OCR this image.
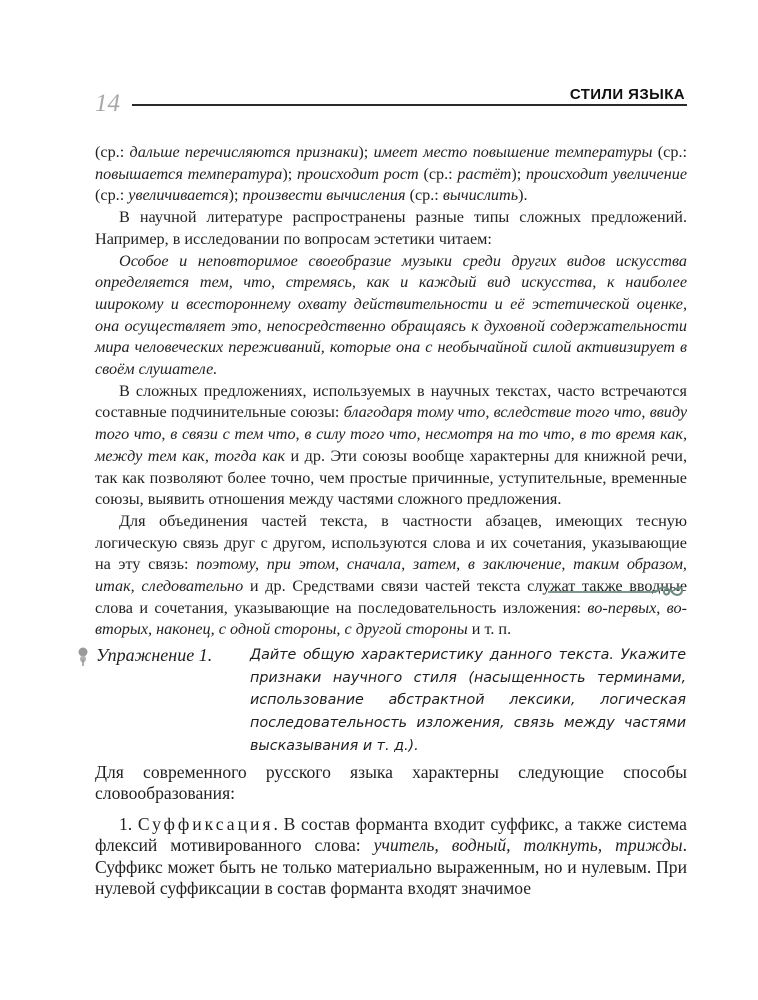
14	СТИЛИ ЯЗЫКА

(ср.: дальше перечисляются признаки); имеет место повышение температуры (ср.: повышается температура); происходит рост (ср.: растёт); происходит увеличение (ср.: увеличивается); произвести вычисления (ср.: вычислить).

В научной литературе распространены разные типы сложных предложений. Например, в исследовании по вопросам эстетики читаем:

Особое и неповторимое своеобразие музыки среди других видов искусства определяется тем, что, стремясь, как и каждый вид искусства, к наиболее широкому и всестороннему охвату действительности и её эстетической оценке, она осуществляет это, непосредственно обращаясь к духовной содержательности мира человеческих переживаний, которые она с необычайной силой активизирует в своём слушателе.

В сложных предложениях, используемых в научных текстах, часто встречаются составные подчинительные союзы: благодаря тому что, вследствие того что, ввиду того что, в связи с тем что, в силу того что, несмотря на то что, в то время как, между тем как, тогда как и др. Эти союзы вообще характерны для книжной речи, так как позволяют более точно, чем простые причинные, уступительные, временные союзы, выявить отношения между частями сложного предложения.

Для объединения частей текста, в частности абзацев, имеющих тесную логическую связь друг с другом, используются слова и их сочетания, указывающие на эту связь: поэтому, при этом, сначала, затем, в заключение, таким образом, итак, следовательно и др. Средствами связи частей текста служат также вводные слова и сочетания, указывающие на последовательность изложения: во-первых, во-вторых, наконец, с одной стороны, с другой стороны и т. п.

Упражнение 1.	Дайте общую характеристику данного текста. Укажите признаки научного стиля (насыщенность терминами, использование абстрактной лексики, логическая последовательность изложения, связь между частями высказывания и т. д.).

Для современного русского языка характерны следующие способы словообразования:

1. Суффиксация. В состав форманта входит суффикс, а также система флексий мотивированного слова: учитель, водный, толкнуть, трижды. Суффикс может быть не только материально выраженным, но и нулевым. При нулевой суффиксации в состав форманта входят значимое
